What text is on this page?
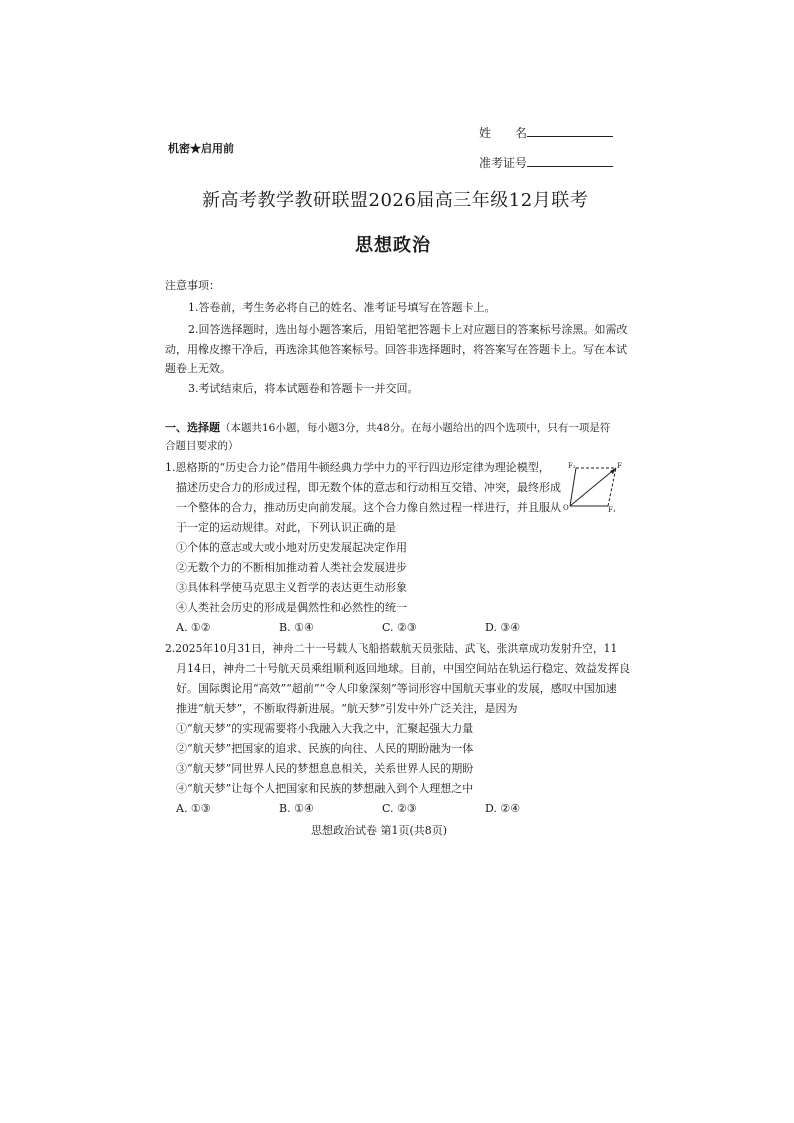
姓　　名
机密★启用前
准考证号
新高考教学教研联盟2026届高三年级12月联考
思想政治
注意事项：
1.答卷前，考生务必将自己的姓名、准考证号填写在答题卡上。
2.回答选择题时，选出每小题答案后，用铅笔把答题卡上对应题目的答案标号涂黑。如需改
动，用橡皮擦干净后，再选涂其他答案标号。回答非选择题时，将答案写在答题卡上。写在本试
题卷上无效。
3.考试结束后，将本试题卷和答题卡一并交回。
一、选择题（本题共16小题，每小题3分，共48分。在每小题给出的四个选项中，只有一项是符
合题目要求的）
1.恩格斯的“历史合力论”借用牛顿经典力学中力的平行四边形定律为理论模型，
描述历史合力的形成过程，即无数个体的意志和行动相互交错、冲突，最终形成
一个整体的合力，推动历史向前发展。这个合力像自然过程一样进行，并且服从
于一定的运动规律。对此，下列认识正确的是
F₂	F
O	F₁
①个体的意志或大或小地对历史发展起决定作用
②无数个力的不断相加推动着人类社会发展进步
③具体科学使马克思主义哲学的表达更生动形象
④人类社会历史的形成是偶然性和必然性的统一
A. ①②	B. ①④	C. ②③	D. ③④
2.2025年10月31日，神舟二十一号载人飞船搭载航天员张陆、武飞、张洪章成功发射升空，11
月14日，神舟二十号航天员乘组顺利返回地球。目前，中国空间站在轨运行稳定、效益发挥良
好。国际舆论用“高效”“超前”“令人印象深刻”等词形容中国航天事业的发展，感叹中国加速
推进“航天梦”，不断取得新进展。“航天梦”引发中外广泛关注，是因为
①“航天梦”的实现需要将小我融入大我之中，汇聚起强大力量
②“航天梦”把国家的追求、民族的向往、人民的期盼融为一体
③“航天梦”同世界人民的梦想息息相关，关系世界人民的期盼
④“航天梦”让每个人把国家和民族的梦想融入到个人理想之中
A. ①③	B. ①④	C. ②③	D. ②④
思想政治试卷 第1页(共8页)
